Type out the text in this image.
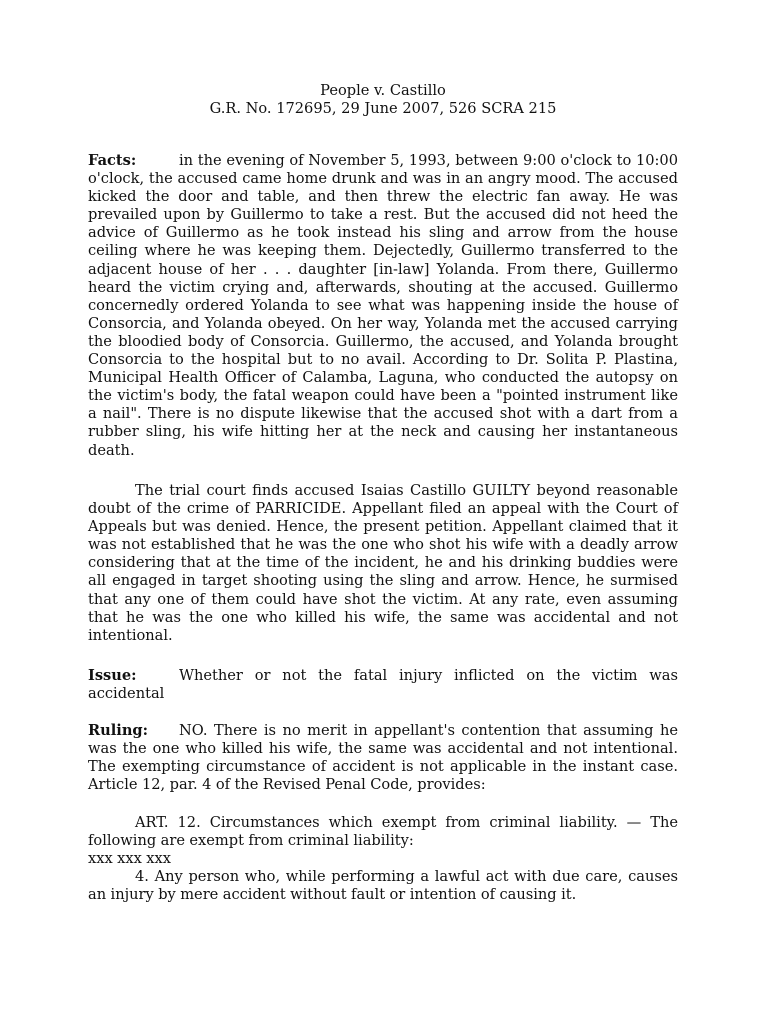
People v. Castillo
G.R. No. 172695, 29 June 2007, 526 SCRA 215
Facts:	in the evening of November 5, 1993, between 9:00 o'clock to 10:00 o'clock, the accused came home drunk and was in an angry mood. The accused kicked the door and table, and then threw the electric fan away. He was prevailed upon by Guillermo to take a rest. But the accused did not heed the advice of Guillermo as he took instead his sling and arrow from the house ceiling where he was keeping them. Dejectedly, Guillermo transferred to the adjacent house of her . . . daughter [in-law] Yolanda. From there, Guillermo heard the victim crying and, afterwards, shouting at the accused. Guillermo concernedly ordered Yolanda to see what was happening inside the house of Consorcia, and Yolanda obeyed. On her way, Yolanda met the accused carrying the bloodied body of Consorcia. Guillermo, the accused, and Yolanda brought Consorcia to the hospital but to no avail. According to Dr. Solita P. Plastina, Municipal Health Officer of Calamba, Laguna, who conducted the autopsy on the victim's body, the fatal weapon could have been a "pointed instrument like a nail". There is no dispute likewise that the accused shot with a dart from a rubber sling, his wife hitting her at the neck and causing her instantaneous death.
The trial court finds accused Isaias Castillo GUILTY beyond reasonable doubt of the crime of PARRICIDE. Appellant filed an appeal with the Court of Appeals but was denied. Hence, the present petition. Appellant claimed that it was not established that he was the one who shot his wife with a deadly arrow considering that at the time of the incident, he and his drinking buddies were all engaged in target shooting using the sling and arrow. Hence, he surmised that any one of them could have shot the victim. At any rate, even assuming that he was the one who killed his wife, the same was accidental and not intentional.
Issue:	Whether or not the fatal injury inflicted on the victim was accidental
Ruling: NO. There is no merit in appellant's contention that assuming he was the one who killed his wife, the same was accidental and not intentional. The exempting circumstance of accident is not applicable in the instant case. Article 12, par. 4 of the Revised Penal Code, provides:
ART. 12. Circumstances which exempt from criminal liability. — The following are exempt from criminal liability:
xxx xxx xxx
4. Any person who, while performing a lawful act with due care, causes an injury by mere accident without fault or intention of causing it.
